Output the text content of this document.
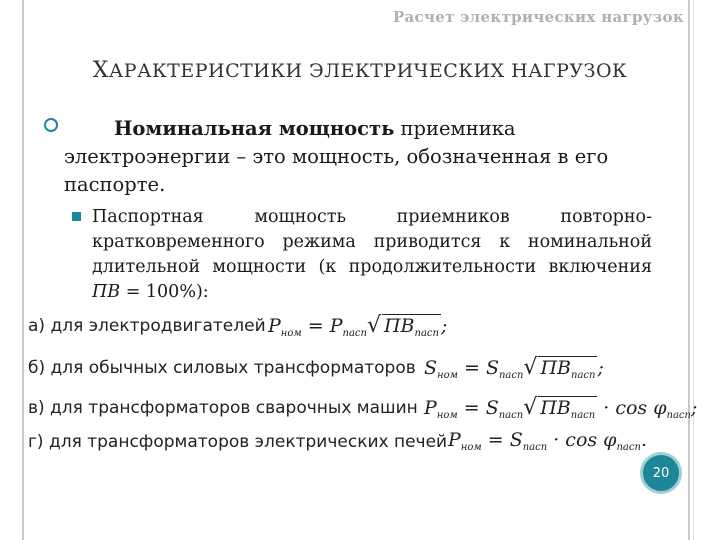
Расчет электрических нагрузок
ХАРАКТЕРИСТИКИ ЭЛЕКТРИЧЕСКИХ НАГРУЗОК
Номинальная мощность приемника электроэнергии – это мощность, обозначенная в его паспорте.
Паспортная мощность приемников повторно-кратковременного режима приводится к номинальной длительной мощности (к продолжительности включения ПВ = 100%):
а) для электродвигателей $P_{ном} = P_{пасп}√$ $ПВ_{пасп}$ ;
б) для обычных силовых трансформаторов $S_{ном} = S_{пасп}√$ $ПВ_{пасп}$ ;
в) для трансформаторов сварочных машин $P_{ном} = S_{пасп}√$ $ПВ_{пасп} \cdot \cos \varphi_{пасп}$;
г) для трансформаторов электрических печей $P_{ном} = S_{пасп} \cdot \cos \varphi_{пасп}$.
20
